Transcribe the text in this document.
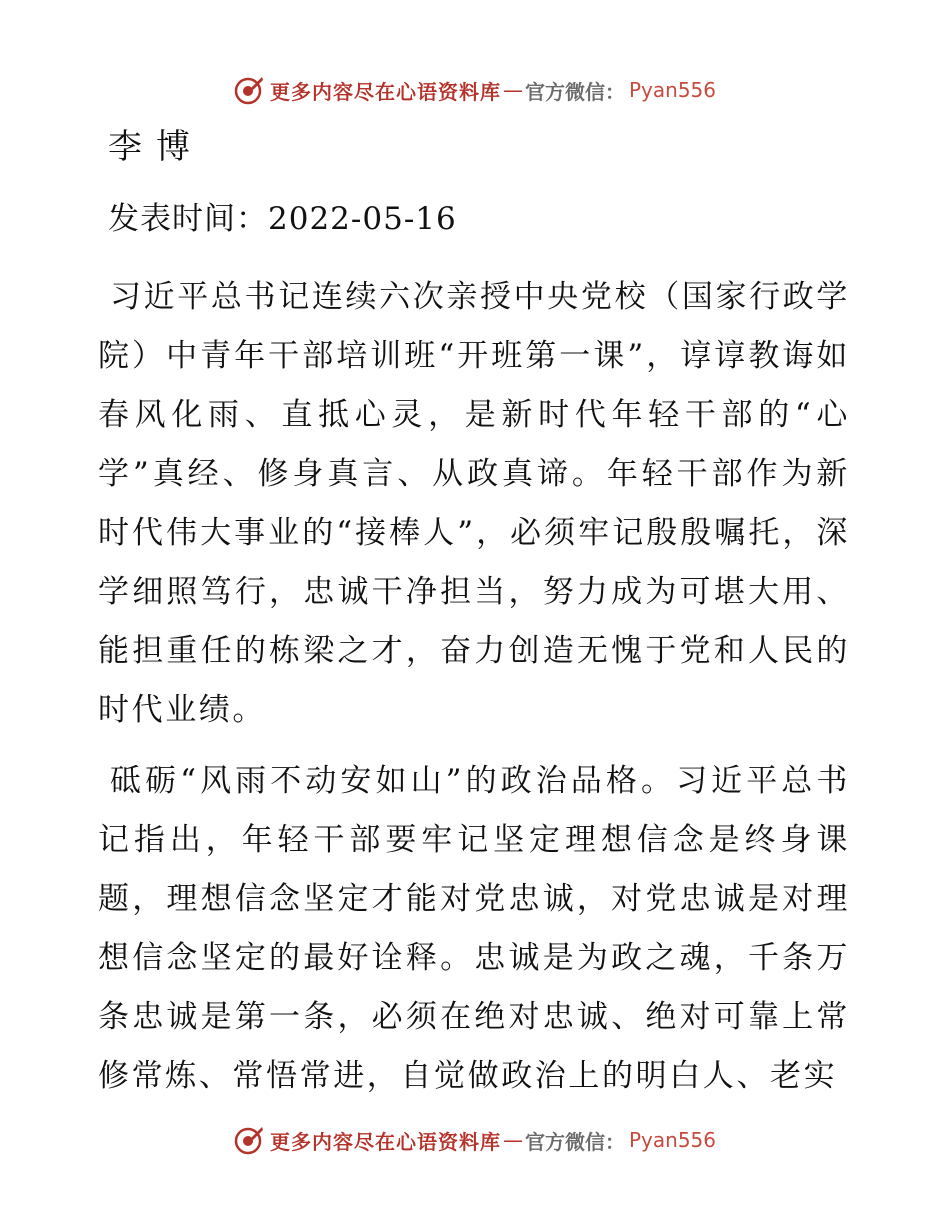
更多内容尽在心语资料库 — 官方微信： Pyan556
李博
发表时间：2022-05-16

习近平总书记连续六次亲授中央党校（国家行政学院）中青年干部培训班“开班第一课”，谆谆教诲如春风化雨、直抵心灵，是新时代年轻干部的“心学”真经、修身真言、从政真谛。年轻干部作为新时代伟大事业的“接棒人”，必须牢记殷殷嘱托，深学细照笃行，忠诚干净担当，努力成为可堪大用、能担重任的栋梁之才，奋力创造无愧于党和人民的时代业绩。

砥砺“风雨不动安如山”的政治品格。习近平总书记指出，年轻干部要牢记坚定理想信念是终身课题，理想信念坚定才能对党忠诚，对党忠诚是对理想信念坚定的最好诠释。忠诚是为政之魂，千条万条忠诚是第一条，必须在绝对忠诚、绝对可靠上常修常炼、常悟常进，自觉做政治上的明白人、老实

更多内容尽在心语资料库 — 官方微信： Pyan556
